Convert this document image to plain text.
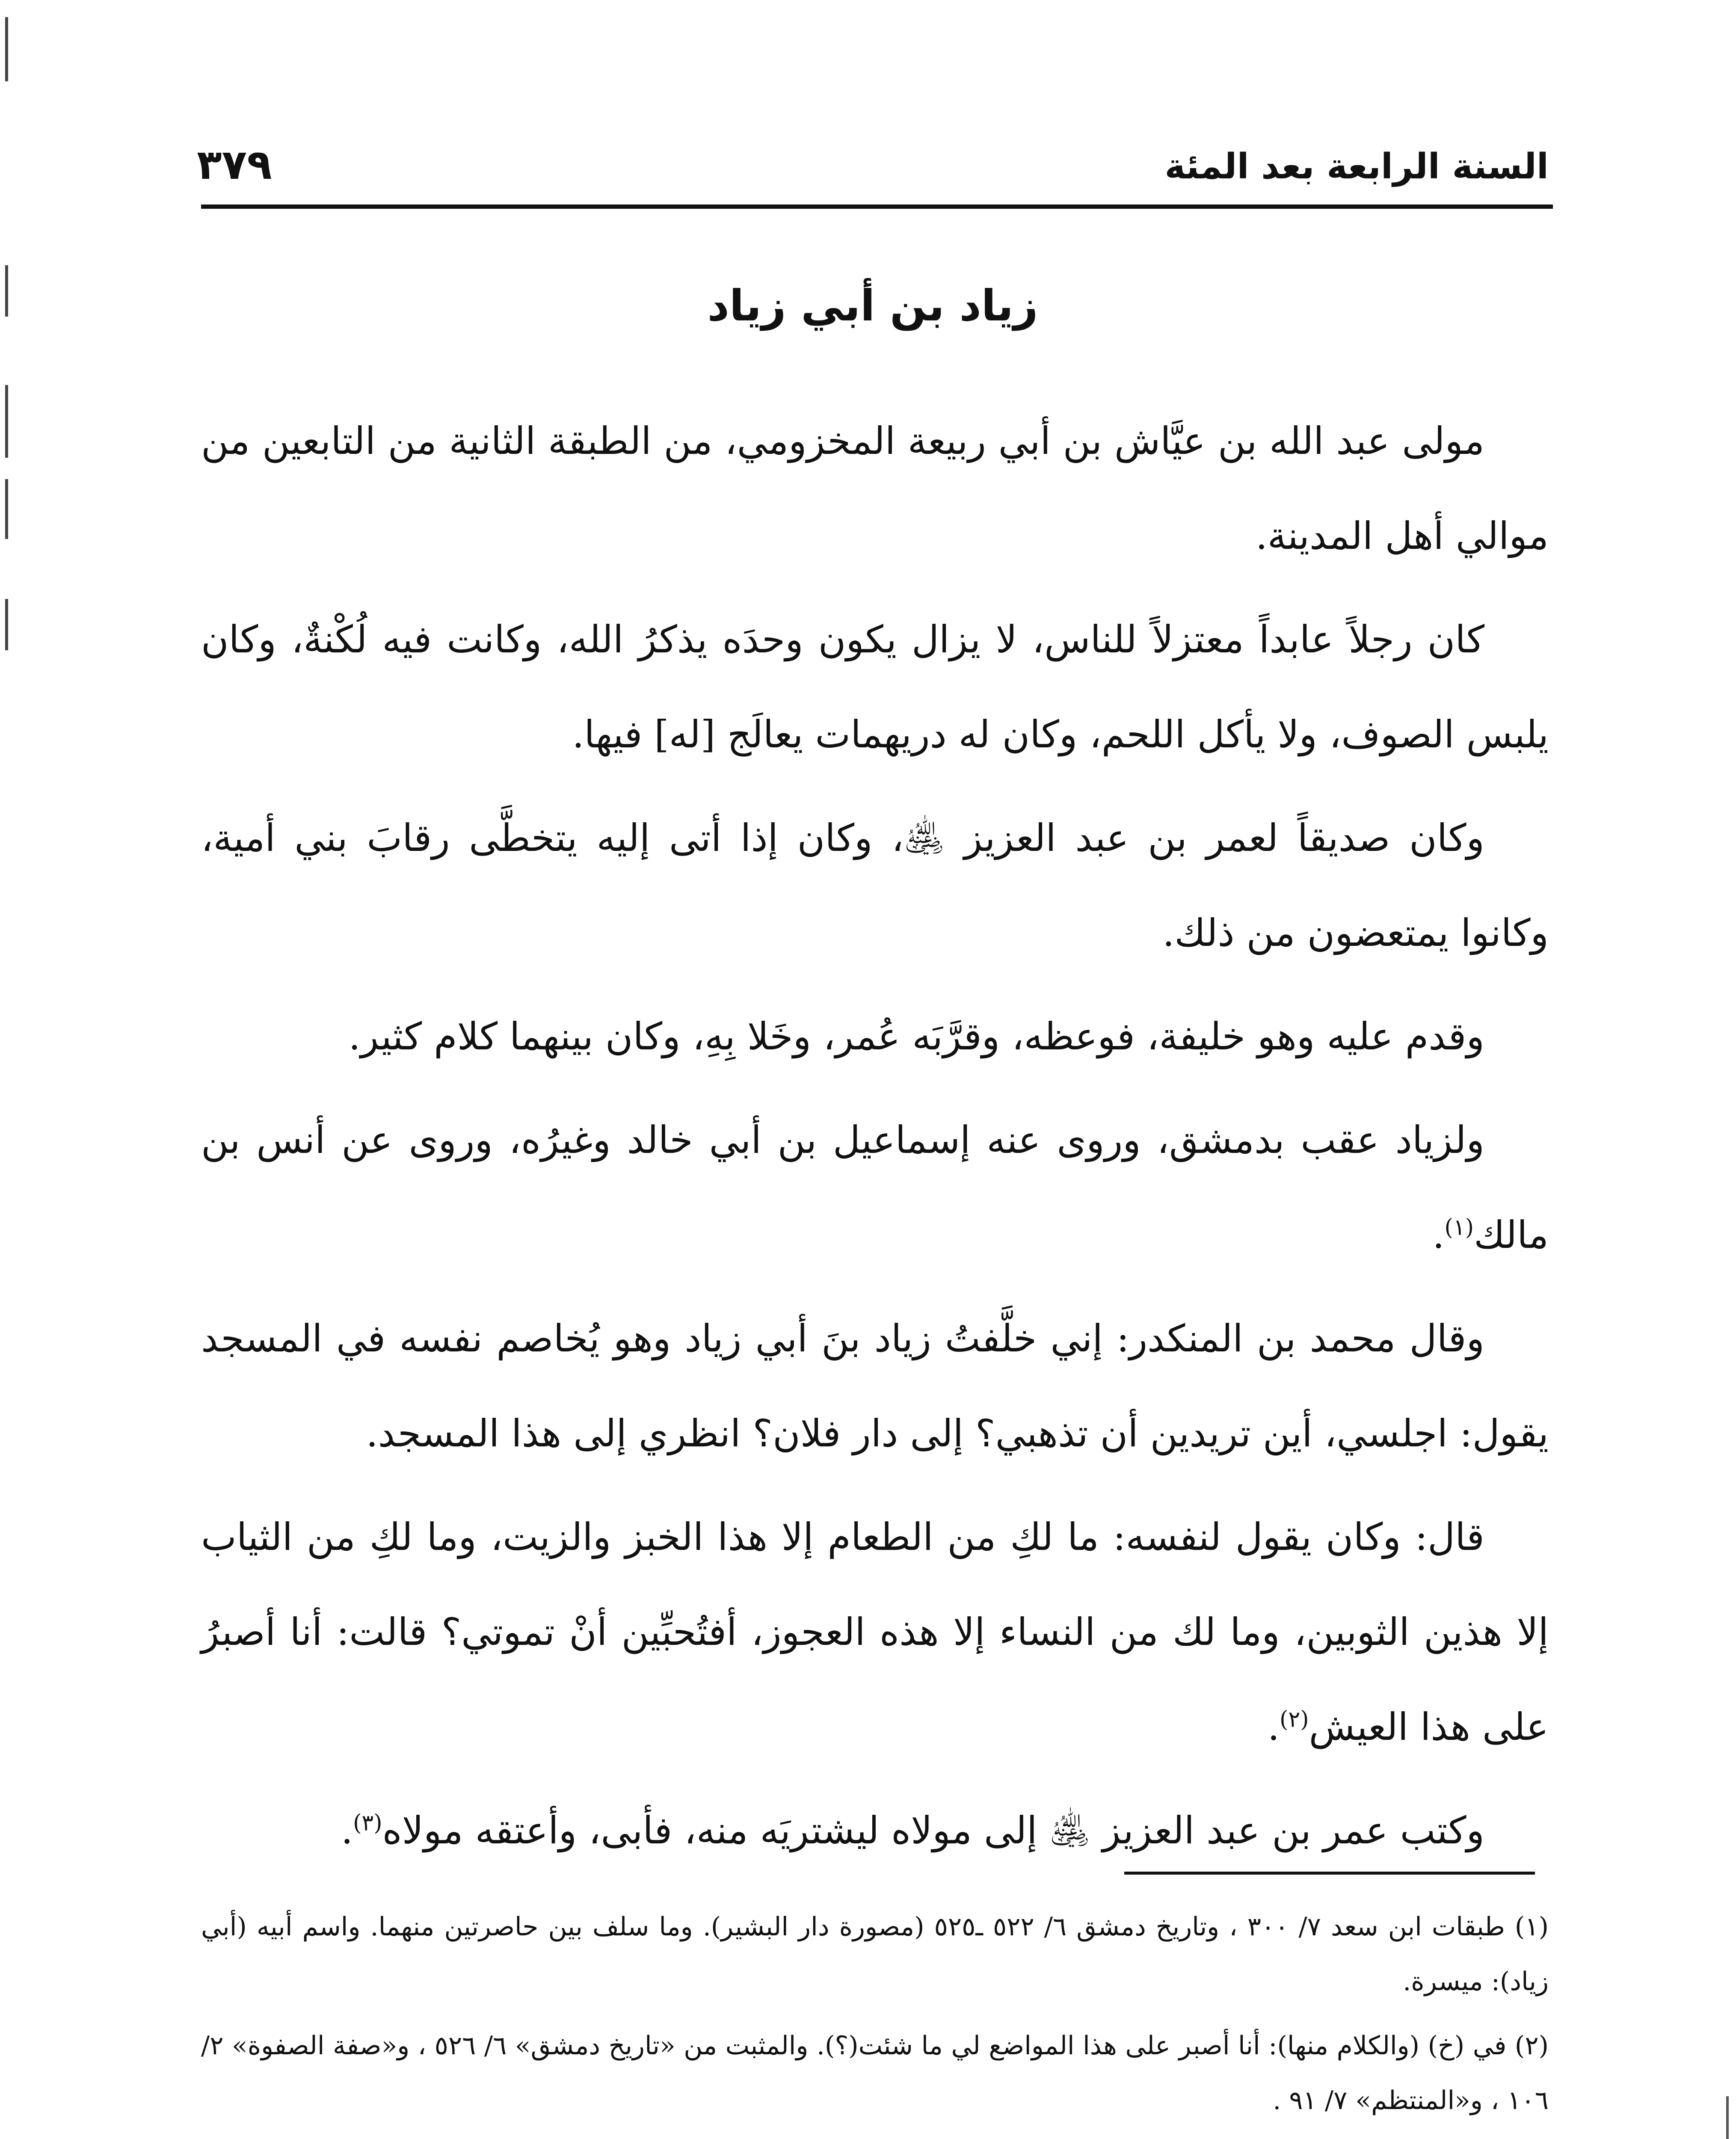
السنة الرابعة بعد المئة
٣٧٩
زياد بن أبي زياد

مولى عبد الله بن عيَّاش بن أبي ربيعة المخزومي، من الطبقة الثانية من التابعين من موالي أهل المدينة.

كان رجلاً عابداً معتزلاً للناس، لا يزال يكون وحدَه يذكرُ الله، وكانت فيه لُكْنةٌ، وكان يلبس الصوف، ولا يأكل اللحم، وكان له دريهمات يعالَج [له] فيها.

وكان صديقاً لعمر بن عبد العزيز ﵁، وكان إذا أتى إليه يتخطَّى رقابَ بني أمية، وكانوا يمتعضون من ذلك.

وقدم عليه وهو خليفة، فوعظه، وقرَّبَه عُمر، وخَلا بِهِ، وكان بينهما كلام كثير.

ولزياد عقب بدمشق، وروى عنه إسماعيل بن أبي خالد وغيرُه، وروى عن أنس بن مالك$^{(١)}$.

وقال محمد بن المنكدر: إني خلَّفتُ زياد بنَ أبي زياد وهو يُخاصم نفسه في المسجد يقول: اجلسي، أين تريدين أن تذهبي؟ إلى دار فلان؟ انظري إلى هذا المسجد.

قال: وكان يقول لنفسه: ما لكِ من الطعام إلا هذا الخبز والزيت، وما لكِ من الثياب إلا هذين الثوبين، وما لك من النساء إلا هذه العجوز، أفتُحبِّين أنْ تموتي؟ قالت: أنا أصبرُ على هذا العيش$^{(٢)}$.

وكتب عمر بن عبد العزيز ﵁ إلى مولاه ليشتريَه منه، فأبى، وأعتقه مولاه$^{(٣)}$.

(١) طبقات ابن سعد ٧/ ٣٠٠ ، وتاريخ دمشق ٦/ ٥٢٢ ـ٥٢٥ (مصورة دار البشير). وما سلف بين حاصرتين منهما. واسم أبيه (أبي زياد): ميسرة.

(٢) في (خ) (والكلام منها): أنا أصبر على هذا المواضع لي ما شئت(؟). والمثبت من «تاريخ دمشق» ٦/ ٥٢٦ ، و«صفة الصفوة» ٢/ ١٠٦ ، و«المنتظم» ٧/ ٩١ .
